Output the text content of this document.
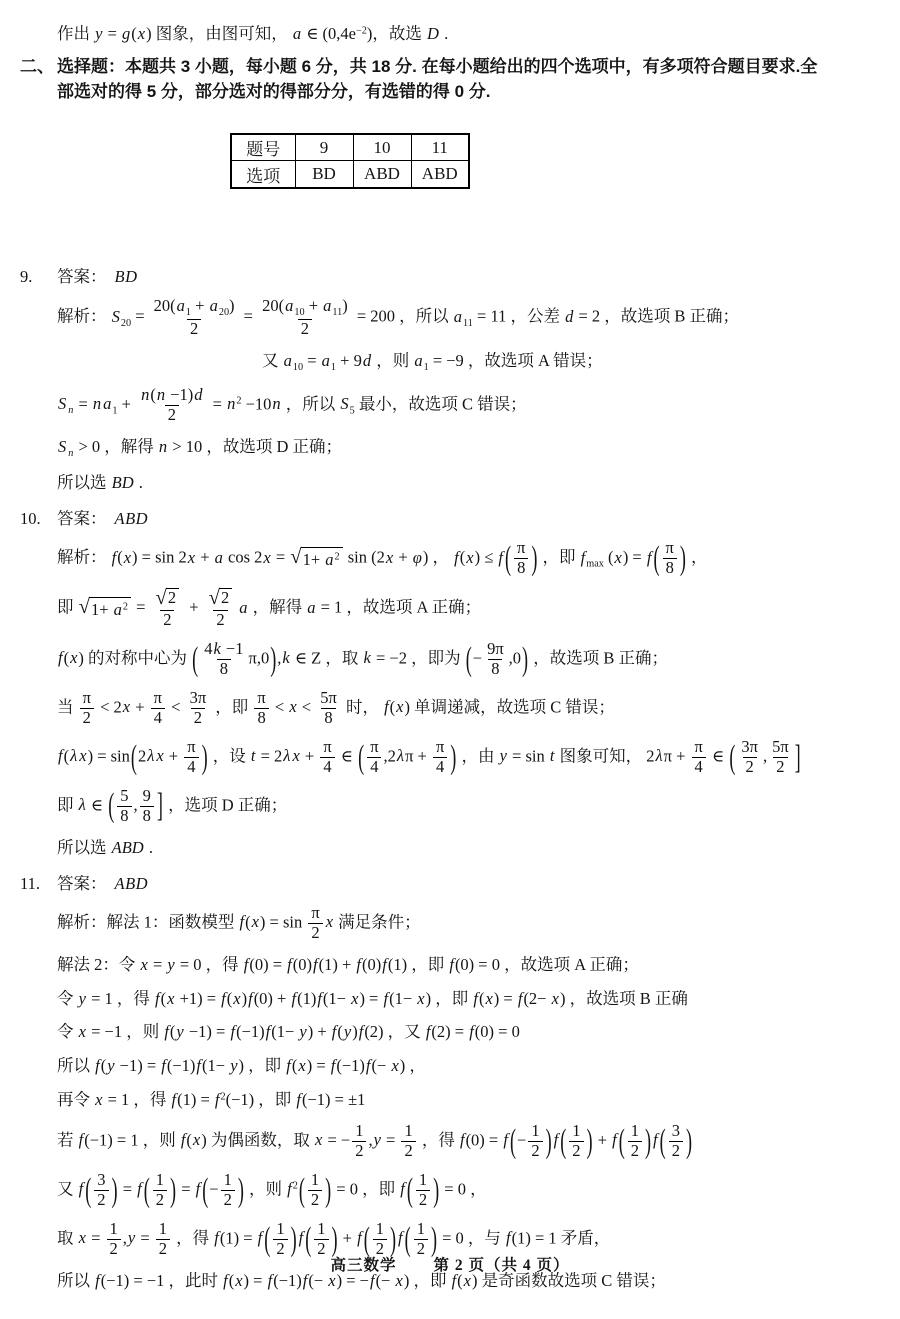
作出 y = g(x) 图象，由图可知， a ∈ $(0,4e^{-2})$，故选 D .
二、 选择题：本题共 3 小题，每小题 6 分，共 18 分. 在每小题给出的四个选项中，有多项符合题目要求.全
部选对的得 5 分，部分选对的得部分分，有选错的得 0 分.
题号	9	10	11
选项	BD	ABD	ABD
9.	答案： BD
解析： $S_{20} = \frac{20(a_1 + a_{20})}{2} = \frac{20(a_{10} + a_{11})}{2} = 200$ ，所以 $a_{11} = 11$ ，公差 d = 2 ，故选项 B 正确；
又 $a_{10} = a_1 + 9d$ ，则 $a_1 = -9$ ，故选项 A 错误；
S $_n$ = n $a_1 + \frac{n(n -1)d}{2} = n^2 -10n$ ，所以 $S_5$ 最小，故选项 C 错误；
S $_n$ > 0 ，解得 n > 10 ，故选项 D 正确；
所以选 BD .
10. 答案： ABD
解析： f(x) = sin 2x + a cos 2x = √ $1+ a^2$ sin (2x + φ) ， f(x) ≤ f ( $\frac{\pi}{8}$ ) ，即 $f_{max}$ (x) = f ( $\frac{\pi}{8}$ ) ，
即 √ $1+ a^2 = \frac{√ 2}{2} + \frac{√ 2}{2}$ a ，解得 a = 1 ，故选项 A 正确；
f(x) 的对称中心为 ( $\frac{4k -1}{8} \pi,0),k$ ∈ Z ，取 k = −2 ，即为 (− $\frac{9\pi}{8} ,0$) ，故选项 B 正确；
当 $\frac{\pi}{2} < 2x + \frac{\pi}{4} < \frac{3\pi}{2}$ ，即 $\frac{\pi}{8} < x < \frac{5\pi}{8}$ 时， f(x) 单调递减，故选项 C 错误；
f(λ x) = sin(2λ $x + \frac{\pi}{4}$ ) ，设 t = 2λ $x + \frac{\pi}{4}$ ∈ ( $\frac{\pi}{4} ,2\lambda\pi + \frac{\pi}{4}$ ) ，由 y = sin t 图象可知， $2\lambda\pi + \frac{\pi}{4}$ ∈ ( $\frac{3\pi}{2}$ , $\frac{5\pi}{2}$ ]
即 λ ∈ ( $\frac{5}{8}$ , $\frac{9}{8}$ ] ，选项 D 正确；
所以选 ABD .
11.	答案： ABD
解析：解法 1：函数模型 $f(x) = \sin \frac{\pi}{2}$ x 满足条件；
解法 2：令 x = y = 0 ，得 f(0) = f(0)f(1) + f(0)f(1) ，即 f(0) = 0 ，故选项 A 正确；
令 y = 1 ，得 f(x +1) = f(x)f(0) + f(1)f(1− x) = f(1− x) ，即 f(x) = f(2− x) ，故选项 B 正确
令 x = −1 ，则 f(y −1) = f(−1)f(1− y) + f(y)f(2) ，又 f(2) = f(0) = 0
所以 f(y −1) = f(−1)f(1− y) ，即 f(x) = f(−1)f(− x) ，
再令 x = 1 ，得 $f(1) = f^2(-1)$ ，即 f(−1) = ±1
若 f(−1) = 1 ，则 f(x) 为偶函数，取 x = − $\frac{1}{2} ,y = \frac{1}{2}$ ，得 f(0) = f (− $\frac{1}{2}$ ) f ( $\frac{1}{2}$ ) + f ( $\frac{1}{2}$ ) f ( $\frac{3}{2}$ )
又 f ( $\frac{3}{2}$ ) = f ( $\frac{1}{2}$ ) = f (− $\frac{1}{2}$ ) ，则 $f^2( \frac{1}{2}$ ) = 0 ，即 f ( $\frac{1}{2}$ ) = 0 ，
取 $x = \frac{1}{2} ,y = \frac{1}{2}$ ，得 f(1) = f ( $\frac{1}{2}$ ) f ( $\frac{1}{2}$ ) + f ( $\frac{1}{2}$ ) f ( $\frac{1}{2}$ ) = 0 ，与 f(1) = 1 矛盾，
所以 f(−1) = −1 ，此时 f(x) = f(−1)f(− x) = −f(− x) ，即 f(x) 是奇函数故选项 C 错误；
高三数学 第 2 页（共 4 页）
